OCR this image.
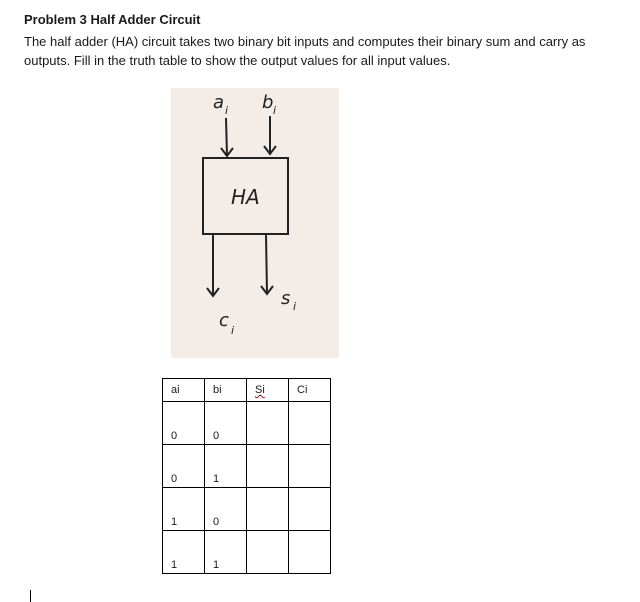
Problem 3 Half Adder Circuit
The half adder (HA) circuit takes two binary bit inputs and computes their binary sum and carry as outputs. Fill in the truth table to show the output values for all input values.
a i b i
HA
s i
c i
ai	bi	Si	Ci
0	0		
0	1		
1	0		
1	1		
